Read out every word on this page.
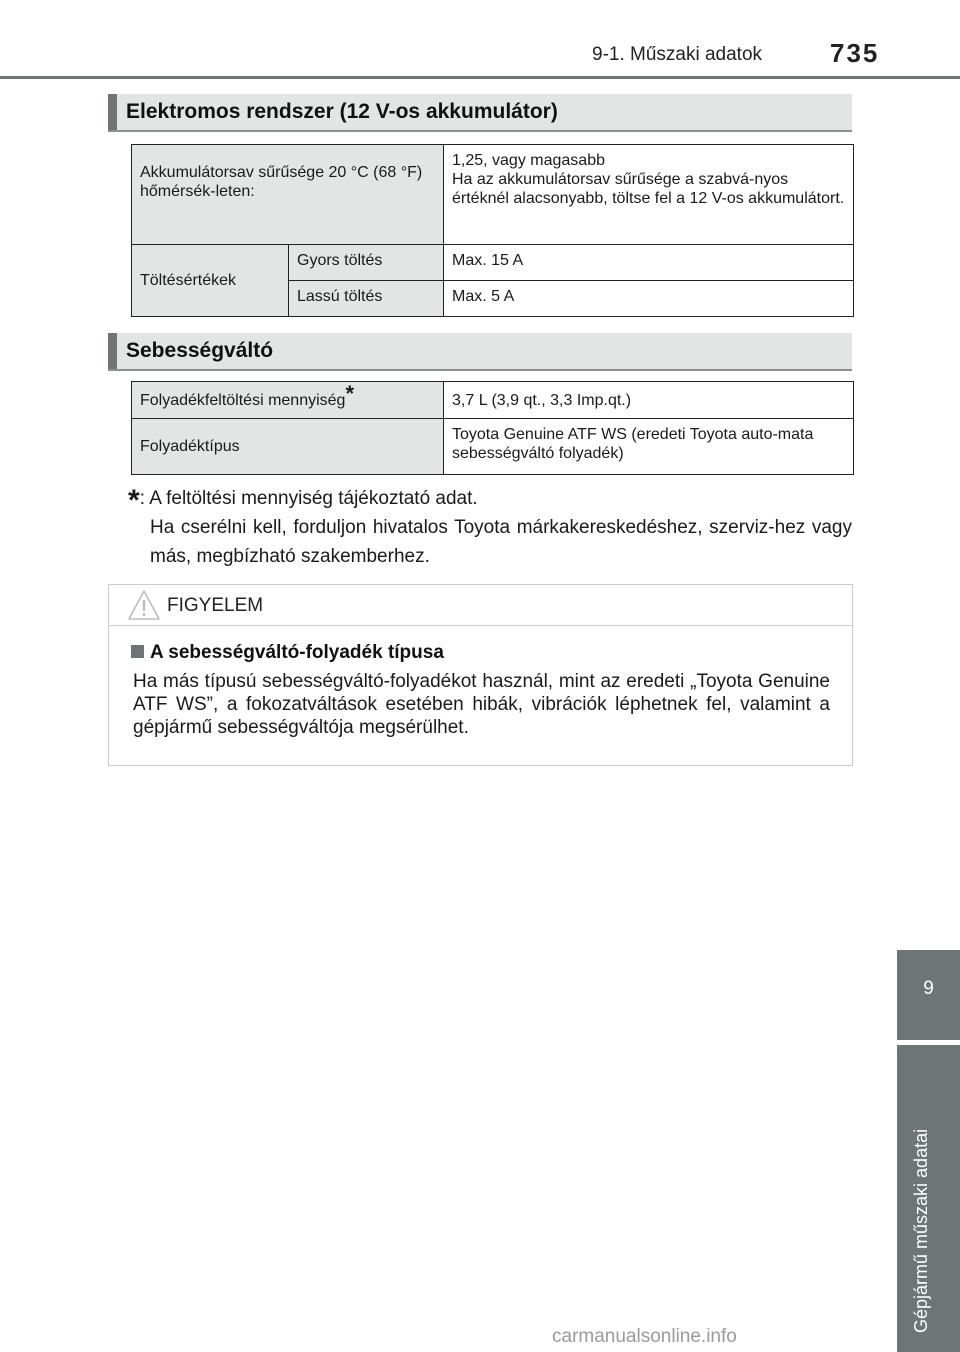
9-1. Műszaki adatok	735
9
Gépjármű műszaki adatai
Elektromos rendszer (12 V-os akkumulátor)
Akkumulátorsav sűrűsége 20 °C (68 °F) hőmérsék-leten:		1,25, vagy magasabb
Ha az akkumulátorsav sűrűsége a szabvá-nyos értéknél alacsonyabb, töltse fel a 12 V-os akkumulátort.

Töltésértékek	Gyors töltés	Max. 15 A
	Lassú töltés	Max. 5 A
Sebességváltó
Folyadékfeltöltési mennyiség*	3,7 L (3,9 qt., 3,3 Imp.qt.)
Folyadéktípus	Toyota Genuine ATF WS (eredeti Toyota auto-mata sebességváltó folyadék)
*: A feltöltési mennyiség tájékoztató adat.
Ha cserélni kell, forduljon hivatalos Toyota márkakereskedéshez, szerviz-hez vagy más, megbízható szakemberhez.
FIGYELEM
A sebességváltó-folyadék típusa

Ha más típusú sebességváltó-folyadékot használ, mint az eredeti „Toyota Genuine ATF WS”, a fokozatváltások esetében hibák, vibrációk léphetnek fel, valamint a gépjármű sebességváltója megsérülhet.

carmanualsonline.info
